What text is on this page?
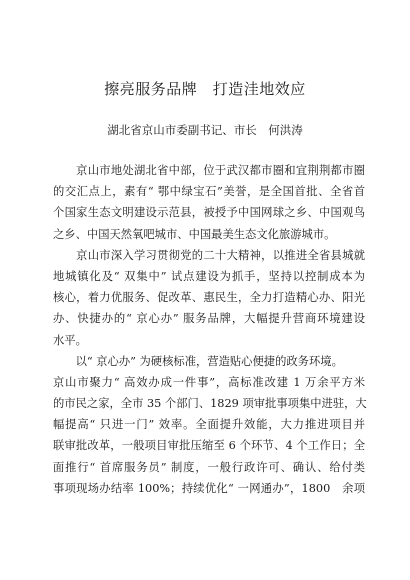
擦亮服务品牌　打造洼地效应
湖北省京山市委副书记、市长　何洪涛
　　京山市地处湖北省中部，位于武汉都市圈和宜荆荆都市圈
的交汇点上，素有“ 鄂中绿宝石”美誉，是全国首批、全省首
个国家生态文明建设示范县，被授予中国网球之乡、中国观鸟
之乡、中国天然氧吧城市、中国最美生态文化旅游城市。
　　京山市深入学习贯彻党的二十大精神，以推进全省县城就
地城镇化及“ 双集中” 试点建设为抓手，坚持以控制成本为
核心，着力优服务、促改革、惠民生，全力打造精心办、阳光
办、快捷办的“ 京心办” 服务品牌，大幅提升营商环境建设
水平。
　　以“ 京心办” 为硬核标准，营造贴心便捷的政务环境。
京山市聚力“ 高效办成一件事”，高标准改建 1 万余平方米
的市民之家，全市 35 个部门、1829 项审批事项集中进驻，大
幅提高“ 只进一门” 效率。全面提升效能，大力推进项目并
联审批改革，一般项目审批压缩至 6 个环节、4 个工作日；全
面推行“ 首席服务员” 制度，一般行政许可、确认、给付类
事项现场办结率 100%；持续优化“ 一网通办”，1800　余项
